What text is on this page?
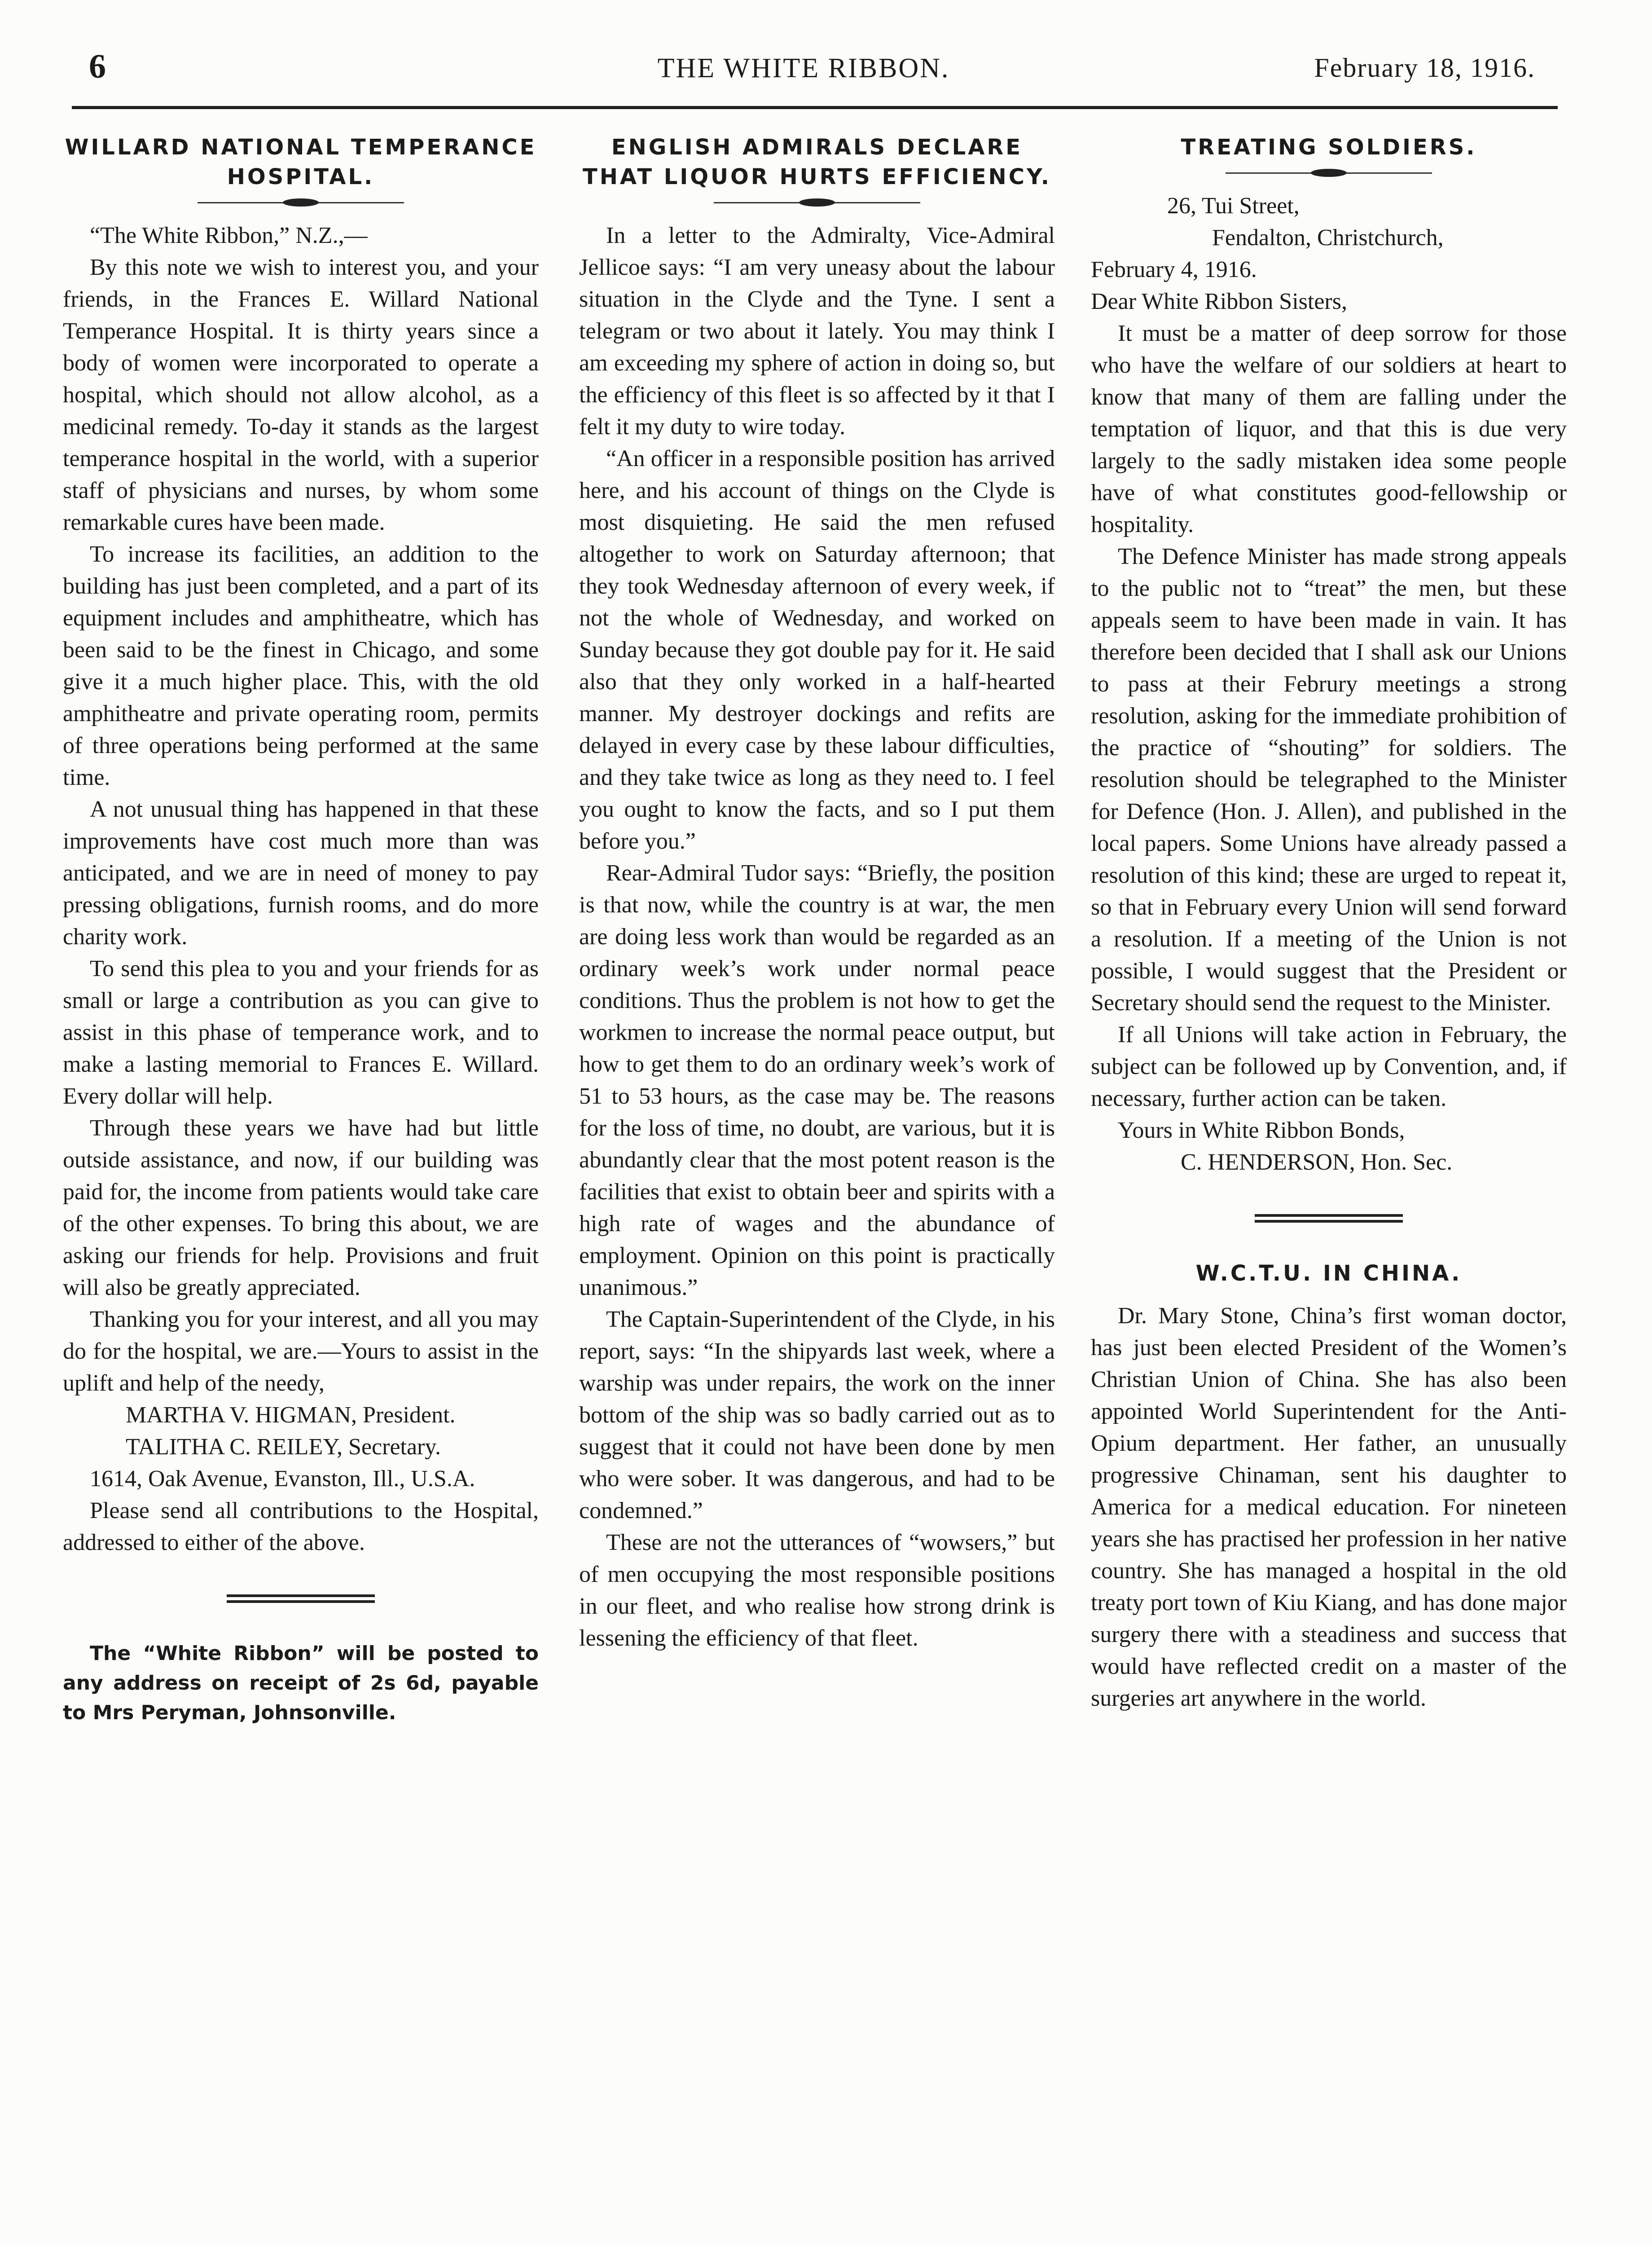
6	THE WHITE RIBBON.	February 18, 1916.
WILLARD NATIONAL TEMPERANCE HOSPITAL.

“The White Ribbon,” N.Z.,—

By this note we wish to interest you, and your friends, in the Frances E. Willard National Temperance Hospital. It is thirty years since a body of women were incorporated to operate a hospital, which should not allow alcohol, as a medicinal remedy. To-day it stands as the largest temperance hospital in the world, with a superior staff of physicians and nurses, by whom some remarkable cures have been made.

To increase its facilities, an addition to the building has just been completed, and a part of its equipment includes and amphitheatre, which has been said to be the finest in Chicago, and some give it a much higher place. This, with the old amphitheatre and private operating room, permits of three operations being performed at the same time.

A not unusual thing has happened in that these improvements have cost much more than was anticipated, and we are in need of money to pay pressing obligations, furnish rooms, and do more charity work.

To send this plea to you and your friends for as small or large a contribution as you can give to assist in this phase of temperance work, and to make a lasting memorial to Frances E. Willard. Every dollar will help.

Through these years we have had but little outside assistance, and now, if our building was paid for, the income from patients would take care of the other expenses. To bring this about, we are asking our friends for help. Provisions and fruit will also be greatly appreciated.

Thanking you for your interest, and all you may do for the hospital, we are.—Yours to assist in the uplift and help of the needy,

MARTHA V. HIGMAN, President.

TALITHA C. REILEY, Secretary.

1614, Oak Avenue, Evanston, Ill., U.S.A.

Please send all contributions to the Hospital, addressed to either of the above.

The “White Ribbon” will be posted to any address on receipt of 2s 6d, payable to Mrs Peryman, Johnsonville.

ENGLISH ADMIRALS DECLARE THAT LIQUOR HURTS EFFICIENCY.

In a letter to the Admiralty, Vice-Admiral Jellicoe says: “I am very uneasy about the labour situation in the Clyde and the Tyne. I sent a telegram or two about it lately. You may think I am exceeding my sphere of action in doing so, but the efficiency of this fleet is so affected by it that I felt it my duty to wire today.

“An officer in a responsible position has arrived here, and his account of things on the Clyde is most disquieting. He said the men refused altogether to work on Saturday afternoon; that they took Wednesday afternoon of every week, if not the whole of Wednesday, and worked on Sunday because they got double pay for it. He said also that they only worked in a half-hearted manner. My destroyer dockings and refits are delayed in every case by these labour difficulties, and they take twice as long as they need to. I feel you ought to know the facts, and so I put them before you.”

Rear-Admiral Tudor says: “Briefly, the position is that now, while the country is at war, the men are doing less work than would be regarded as an ordinary week’s work under normal peace conditions. Thus the problem is not how to get the workmen to increase the normal peace output, but how to get them to do an ordinary week’s work of 51 to 53 hours, as the case may be. The reasons for the loss of time, no doubt, are various, but it is abundantly clear that the most potent reason is the facilities that exist to obtain beer and spirits with a high rate of wages and the abundance of employment. Opinion on this point is practically unanimous.”

The Captain-Superintendent of the Clyde, in his report, says: “In the shipyards last week, where a warship was under repairs, the work on the inner bottom of the ship was so badly carried out as to suggest that it could not have been done by men who were sober. It was dangerous, and had to be condemned.”

These are not the utterances of “wowsers,” but of men occupying the most responsible positions in our fleet, and who realise how strong drink is lessening the efficiency of that fleet.

TREATING SOLDIERS.

26, Tui Street,

Fendalton, Christchurch,

February 4, 1916.

Dear White Ribbon Sisters,

It must be a matter of deep sorrow for those who have the welfare of our soldiers at heart to know that many of them are falling under the temptation of liquor, and that this is due very largely to the sadly mistaken idea some people have of what constitutes good-fellowship or hospitality.

The Defence Minister has made strong appeals to the public not to “treat” the men, but these appeals seem to have been made in vain. It has therefore been decided that I shall ask our Unions to pass at their Februry meetings a strong resolution, asking for the immediate prohibition of the practice of “shouting” for soldiers. The resolution should be telegraphed to the Minister for Defence (Hon. J. Allen), and published in the local papers. Some Unions have already passed a resolution of this kind; these are urged to repeat it, so that in February every Union will send forward a resolution. If a meeting of the Union is not possible, I would suggest that the President or Secretary should send the request to the Minister.

If all Unions will take action in February, the subject can be followed up by Convention, and, if necessary, further action can be taken.

Yours in White Ribbon Bonds,

C. HENDERSON, Hon. Sec.

W.C.T.U. IN CHINA.

Dr. Mary Stone, China’s first woman doctor, has just been elected President of the Women’s Christian Union of China. She has also been appointed World Superintendent for the Anti-Opium department. Her father, an unusually progressive Chinaman, sent his daughter to America for a medical education. For nineteen years she has practised her profession in her native country. She has managed a hospital in the old treaty port town of Kiu Kiang, and has done major surgery there with a steadiness and success that would have reflected credit on a master of the surgeries art anywhere in the world.
